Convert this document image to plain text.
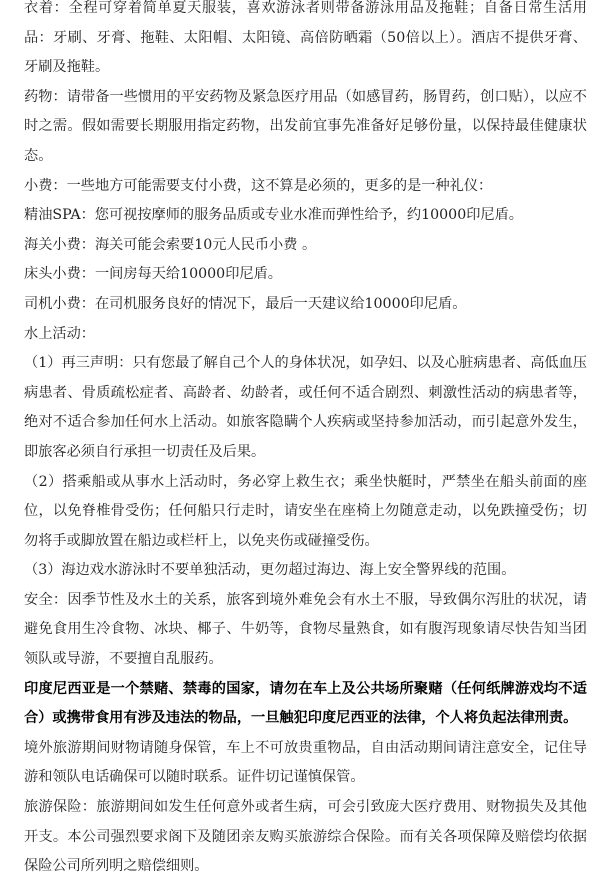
衣着：全程可穿着简单夏天服装，喜欢游泳者则带备游泳用品及拖鞋；自备日常生活用品：牙刷、牙膏、拖鞋、太阳帽、太阳镜、高倍防晒霜（50倍以上）。酒店不提供牙膏、牙刷及拖鞋。

药物：请带备一些惯用的平安药物及紧急医疗用品（如感冒药，肠胃药，创口贴），以应不时之需。假如需要长期服用指定药物，出发前宜事先准备好足够份量，以保持最佳健康状态。

小费：一些地方可能需要支付小费，这不算是必须的，更多的是一种礼仪：

精油SPA：您可视按摩师的服务品质或专业水准而弹性给予，约10000印尼盾。

海关小费：海关可能会索要10元人民币小费 。

床头小费：一间房每天给10000印尼盾。

司机小费：在司机服务良好的情况下，最后一天建议给10000印尼盾。

水上活动：

（1）再三声明：只有您最了解自己个人的身体状况，如孕妇、以及心脏病患者、高低血压病患者、骨质疏松症者、高龄者、幼龄者，或任何不适合剧烈、刺激性活动的病患者等，绝对不适合参加任何水上活动。如旅客隐瞒个人疾病或坚持参加活动，而引起意外发生，即旅客必须自行承担一切责任及后果。

（2）搭乘船或从事水上活动时，务必穿上救生衣；乘坐快艇时，严禁坐在船头前面的座位，以免脊椎骨受伤；任何船只行走时，请安坐在座椅上勿随意走动，以免跌撞受伤；切勿将手或脚放置在船边或栏杆上，以免夹伤或碰撞受伤。

（3）海边戏水游泳时不要单独活动，更勿超过海边、海上安全警界线的范围。

安全：因季节性及水土的关系，旅客到境外难免会有水土不服，导致偶尔泻肚的状况，请避免食用生冷食物、冰块、椰子、牛奶等，食物尽量熟食，如有腹泻现象请尽快告知当团领队或导游，不要擅自乱服药。

印度尼西亚是一个禁赌、禁毒的国家，请勿在车上及公共场所聚赌（任何纸牌游戏均不适合）或携带食用有涉及违法的物品，一旦触犯印度尼西亚的法律，个人将负起法律刑责。

境外旅游期间财物请随身保管，车上不可放贵重物品，自由活动期间请注意安全，记住导游和领队电话确保可以随时联系。证件切记谨慎保管。

旅游保险：旅游期间如发生任何意外或者生病，可会引致庞大医疗费用、财物损失及其他开支。本公司强烈要求阁下及随团亲友购买旅游综合保险。而有关各项保障及赔偿均依据保险公司所列明之赔偿细则。
